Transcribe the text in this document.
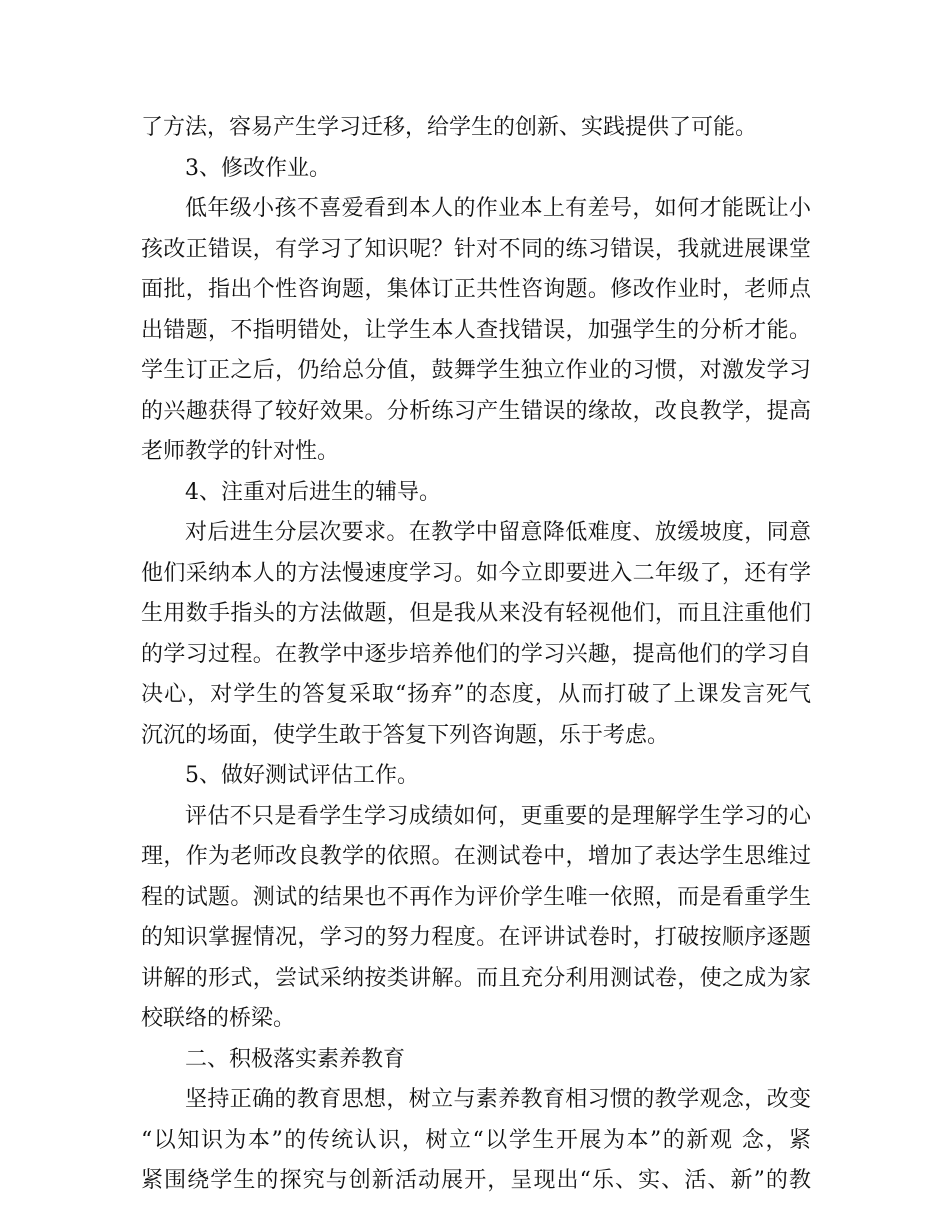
了方法，容易产生学习迁移，给学生的创新、实践提供了可能。
3、修改作业。
低年级小孩不喜爱看到本人的作业本上有差号，如何才能既让小
孩改正错误，有学习了知识呢？针对不同的练习错误，我就进展课堂
面批，指出个性咨询题，集体订正共性咨询题。修改作业时，老师点
出错题，不指明错处，让学生本人查找错误，加强学生的分析才能。
学生订正之后，仍给总分值，鼓舞学生独立作业的习惯，对激发学习
的兴趣获得了较好效果。分析练习产生错误的缘故，改良教学，提高
老师教学的针对性。
4、注重对后进生的辅导。
对后进生分层次要求。在教学中留意降低难度、放缓坡度，同意
他们采纳本人的方法慢速度学习。如今立即要进入二年级了，还有学
生用数手指头的方法做题，但是我从来没有轻视他们，而且注重他们
的学习过程。在教学中逐步培养他们的学习兴趣，提高他们的学习自
决心，对学生的答复采取“扬弃”的态度，从而打破了上课发言死气
沉沉的场面，使学生敢于答复下列咨询题，乐于考虑。
5、做好测试评估工作。
评估不只是看学生学习成绩如何，更重要的是理解学生学习的心
理，作为老师改良教学的依照。在测试卷中，增加了表达学生思维过
程的试题。测试的结果也不再作为评价学生唯一依照，而是看重学生
的知识掌握情况，学习的努力程度。在评讲试卷时，打破按顺序逐题
讲解的形式，尝试采纳按类讲解。而且充分利用测试卷，使之成为家
校联络的桥梁。
二、积极落实素养教育
坚持正确的教育思想，树立与素养教育相习惯的教学观念，改变
“以知识为本”的传统认识，树立“以学生开展为本”的新观 念，紧
紧围绕学生的探究与创新活动展开，呈现出“乐、实、活、新”的教
